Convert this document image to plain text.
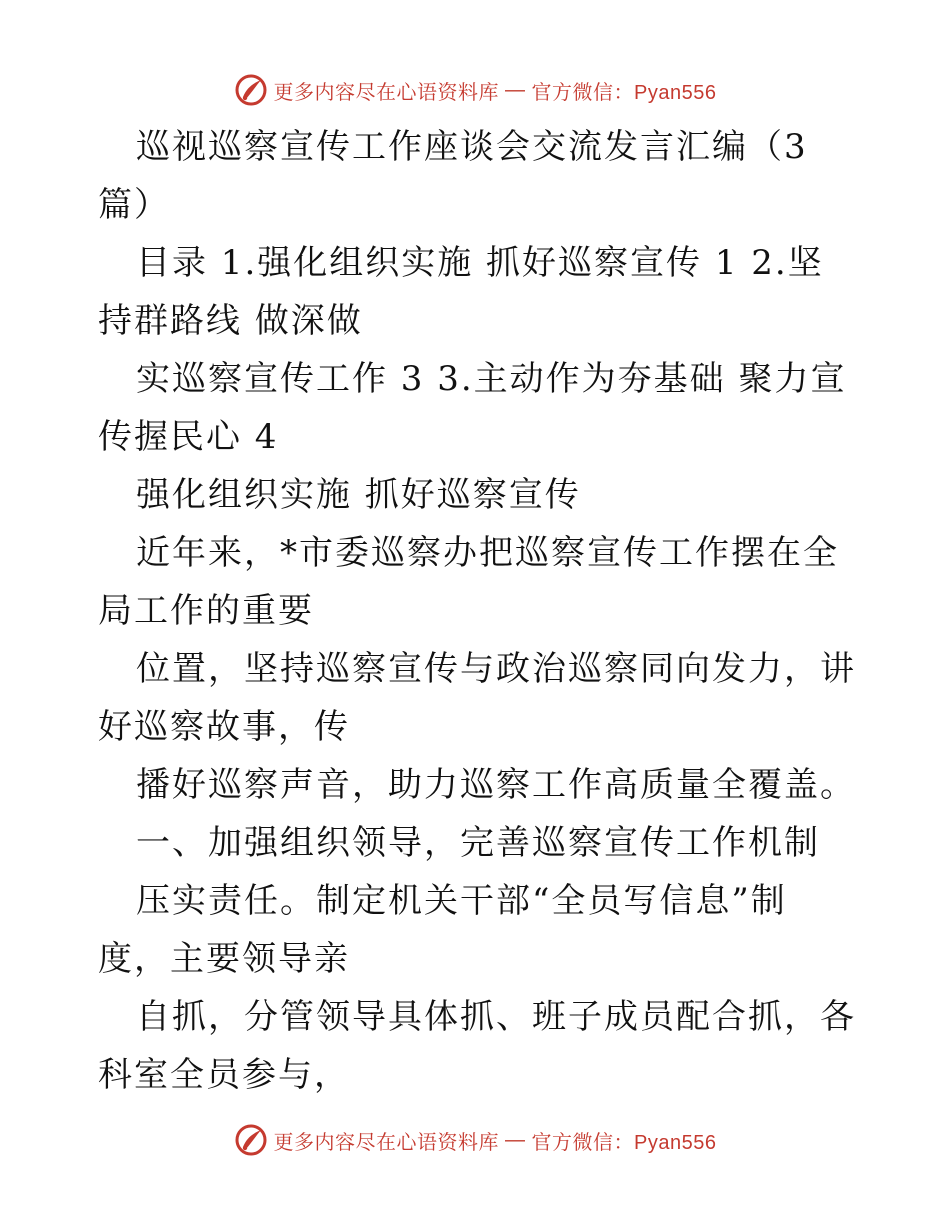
更多内容尽在心语资料库 — 官方微信：Pyan556

巡视巡察宣传工作座谈会交流发言汇编（3 篇）

目录 1.强化组织实施 抓好巡察宣传 1 2.坚持群路线 做深做

实巡察宣传工作 3 3.主动作为夯基础 聚力宣传握民心 4

强化组织实施 抓好巡察宣传

近年来，*市委巡察办把巡察宣传工作摆在全局工作的重要

位置，坚持巡察宣传与政治巡察同向发力，讲好巡察故事，传

播好巡察声音，助力巡察工作高质量全覆盖。

一、加强组织领导，完善巡察宣传工作机制

压实责任。制定机关干部“全员写信息”制度，主要领导亲

自抓，分管领导具体抓、班子成员配合抓，各科室全员参与，

更多内容尽在心语资料库 — 官方微信：Pyan556
